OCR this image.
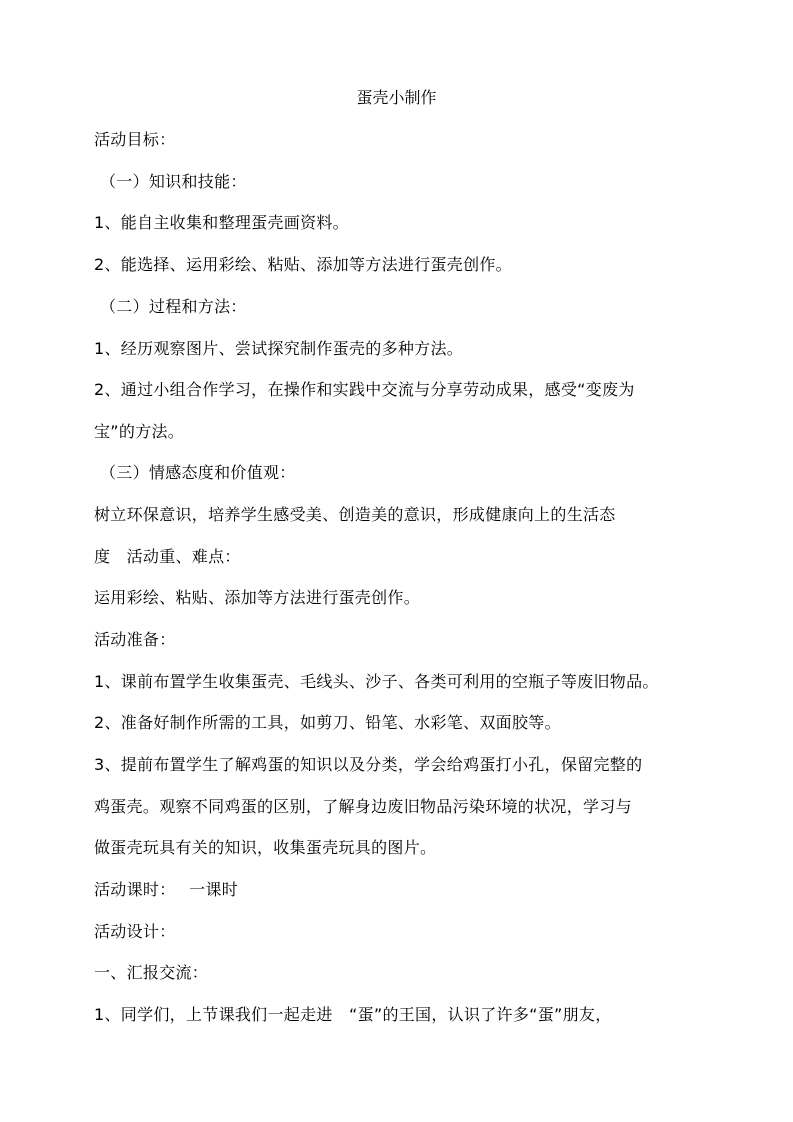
蛋壳小制作
活动目标：
（一）知识和技能：
1、能自主收集和整理蛋壳画资料。
2、能选择、运用彩绘、粘贴、添加等方法进行蛋壳创作。
（二）过程和方法：
1、经历观察图片、尝试探究制作蛋壳的多种方法。
2、通过小组合作学习，在操作和实践中交流与分享劳动成果，感受“变废为
宝”的方法。
（三）情感态度和价值观：
树立环保意识，培养学生感受美、创造美的意识，形成健康向上的生活态
度　活动重、难点：
运用彩绘、粘贴、添加等方法进行蛋壳创作。
活动准备：
1、课前布置学生收集蛋壳、毛线头、沙子、各类可利用的空瓶子等废旧物品。
2、准备好制作所需的工具，如剪刀、铅笔、水彩笔、双面胶等。
3、提前布置学生了解鸡蛋的知识以及分类，学会给鸡蛋打小孔，保留完整的
鸡蛋壳。观察不同鸡蛋的区别，了解身边废旧物品污染环境的状况，学习与
做蛋壳玩具有关的知识，收集蛋壳玩具的图片。
活动课时：　 一课时
活动设计：
一、汇报交流：
1、同学们，上节课我们一起走进　“蛋”的王国，认识了许多“蛋”朋友，
